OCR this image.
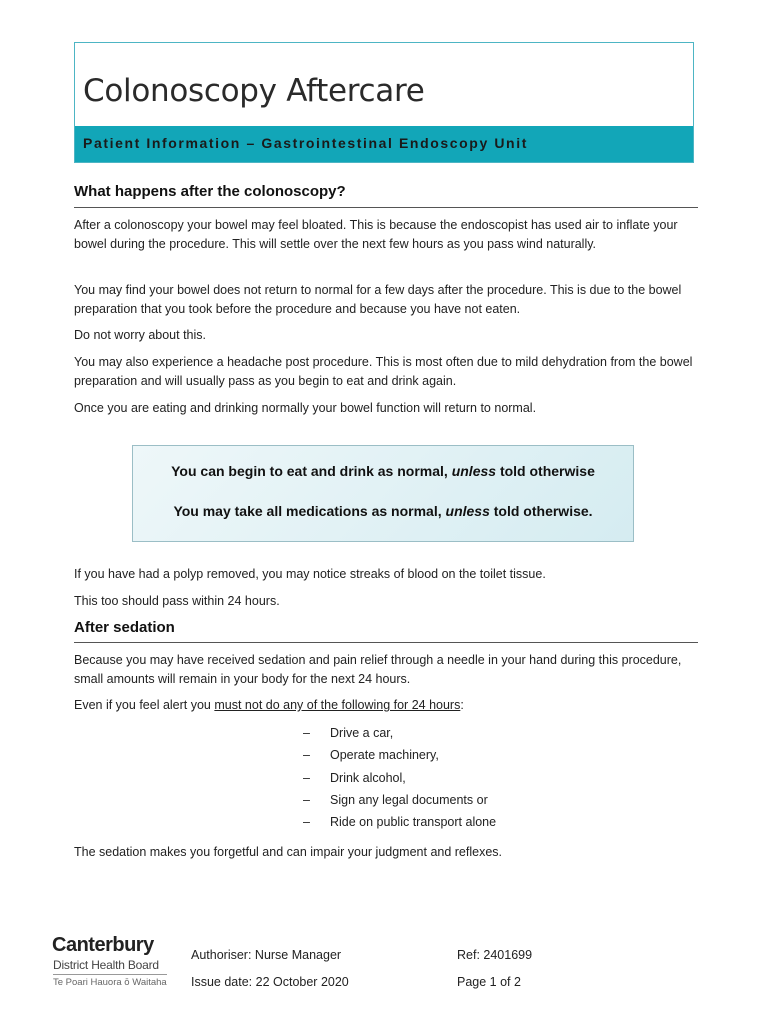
Colonoscopy Aftercare
Patient Information – Gastrointestinal Endoscopy Unit
What happens after the colonoscopy?

After a colonoscopy your bowel may feel bloated. This is because the endoscopist has used air to inflate your bowel during the procedure. This will settle over the next few hours as you pass wind naturally.

You may find your bowel does not return to normal for a few days after the procedure. This is due to the bowel preparation that you took before the procedure and because you have not eaten.

Do not worry about this.

You may also experience a headache post procedure. This is most often due to mild dehydration from the bowel preparation and will usually pass as you begin to eat and drink again.

Once you are eating and drinking normally your bowel function will return to normal.

You can begin to eat and drink as normal, unless told otherwise
You may take all medications as normal, unless told otherwise.

If you have had a polyp removed, you may notice streaks of blood on the toilet tissue.

This too should pass within 24 hours.

After sedation

Because you may have received sedation and pain relief through a needle in your hand during this procedure, small amounts will remain in your body for the next 24 hours.

Even if you feel alert you must not do any of the following for 24 hours:

–	Drive a car,
–	Operate machinery,
–	Drink alcohol,
–	Sign any legal documents or
–	Ride on public transport alone

The sedation makes you forgetful and can impair your judgment and reflexes.

Canterbury
District Health Board
Te Poari Hauora ō Waitaha
Authoriser: Nurse Manager
Issue date: 22 October 2020
Ref: 2401699
Page 1 of 2
